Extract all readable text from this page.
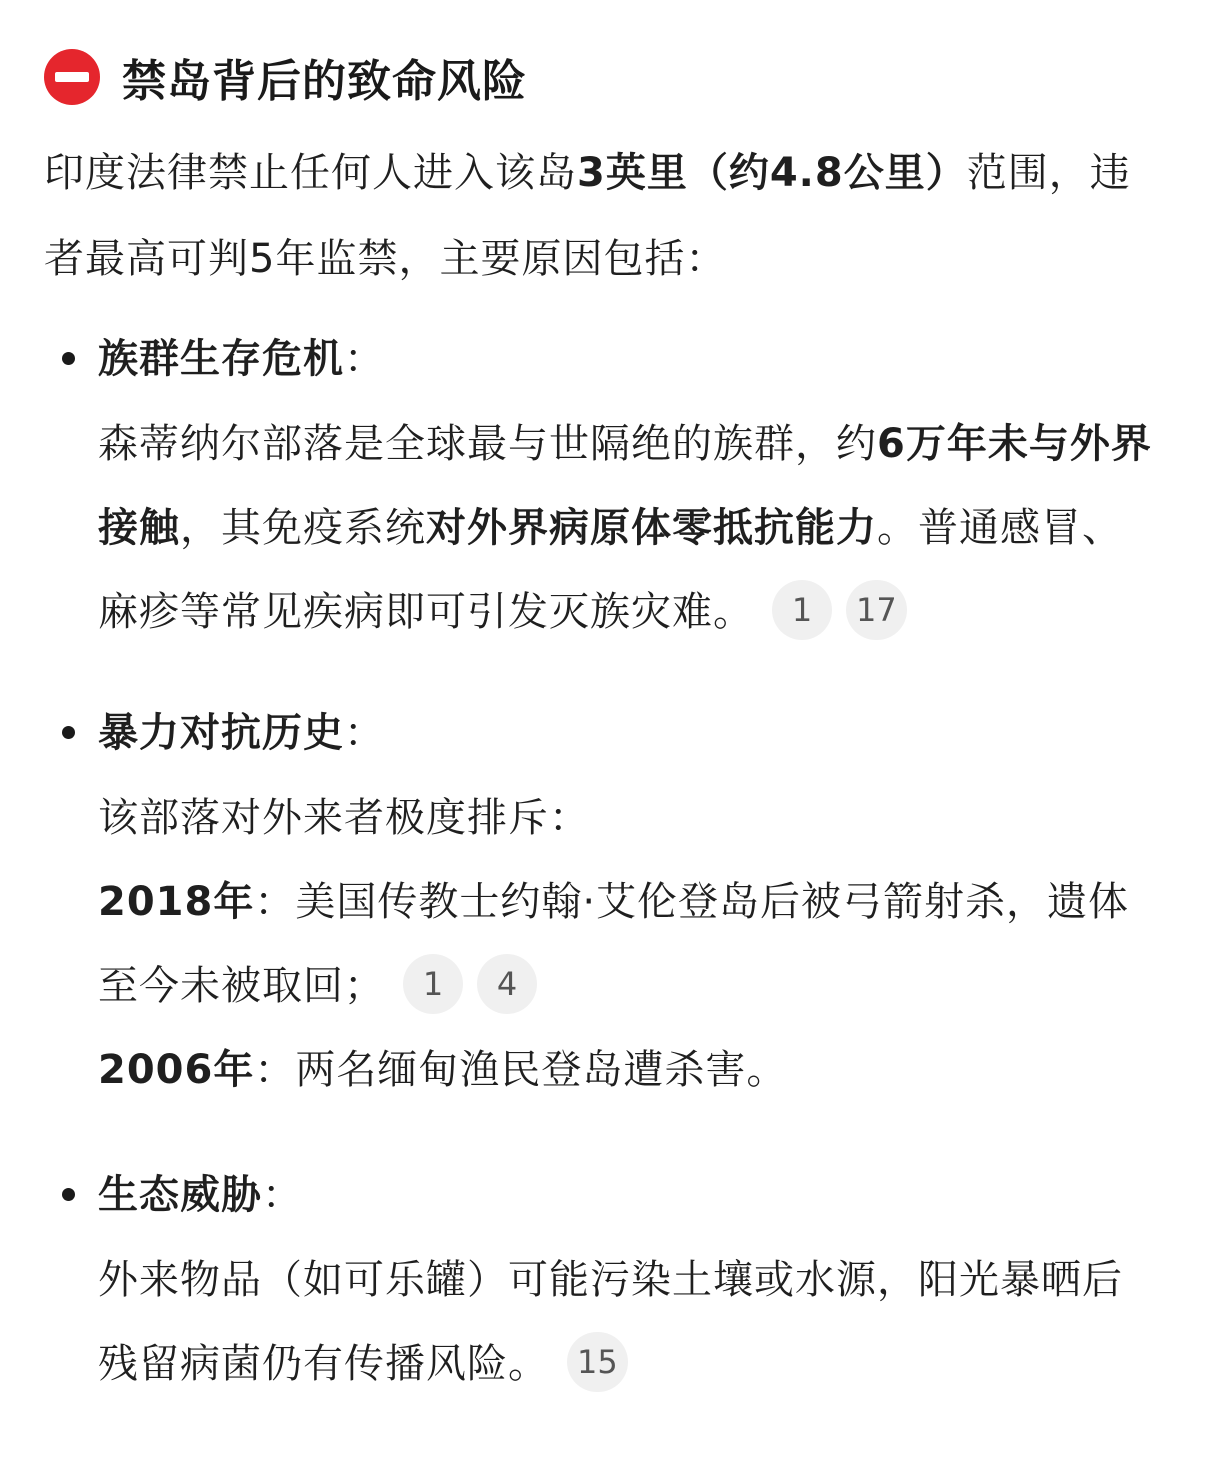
禁岛背后的致命风险
印度法律禁止任何人进入该岛3英里（约4.8公里）范围，违者最高可判5年监禁，主要原因包括：
族群生存危机：
森蒂纳尔部落是全球最与世隔绝的族群，约6万年未与外界接触，其免疫系统对外界病原体零抵抗能力。普通感冒、麻疹等常见疾病即可引发灭族灾难。 1 17
暴力对抗历史：
该部落对外来者极度排斥：
2018年：美国传教士约翰·艾伦登岛后被弓箭射杀，遗体至今未被取回； 1 4
2006年：两名缅甸渔民登岛遭杀害。
生态威胁：
外来物品（如可乐罐）可能污染土壤或水源，阳光暴晒后残留病菌仍有传播风险。 15
